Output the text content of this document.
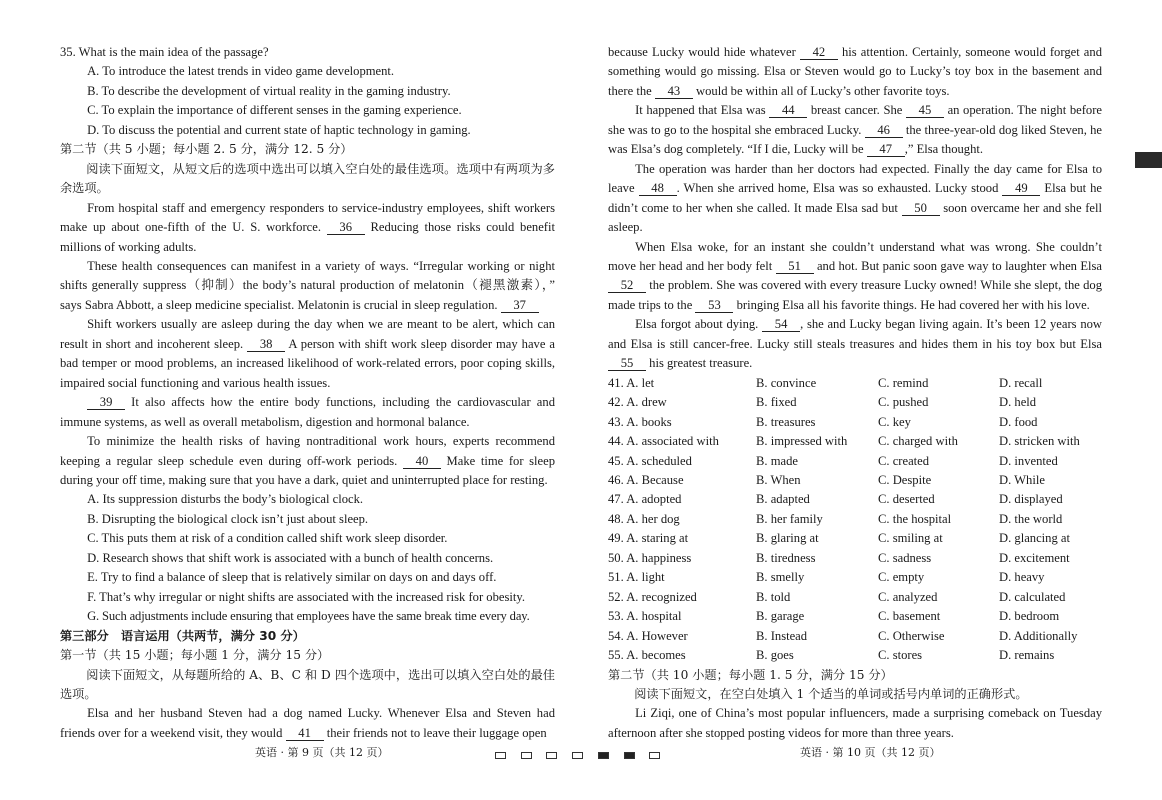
35. What is the main idea of the passage?

A. To introduce the latest trends in video game development.

B. To describe the development of virtual reality in the gaming industry.

C. To explain the importance of different senses in the gaming experience.

D. To discuss the potential and current state of haptic technology in gaming.

第二节（共 5 小题；每小题 2. 5 分，满分 12. 5 分）

阅读下面短文，从短文后的选项中选出可以填入空白处的最佳选项。选项中有两项为多余选项。

From hospital staff and emergency responders to service-industry employees, shift workers make up about one-fifth of the U. S. workforce. 36 Reducing those risks could benefit millions of working adults.

These health consequences can manifest in a variety of ways. “Irregular working or night shifts generally suppress（抑制）the body’s natural production of melatonin（褪黑激素），” says Sabra Abbott, a sleep medicine specialist. Melatonin is crucial in sleep regulation. 37

Shift workers usually are asleep during the day when we are meant to be alert, which can result in short and incoherent sleep. 38 A person with shift work sleep disorder may have a bad temper or mood problems, an increased likelihood of work-related errors, poor coping skills, impaired social functioning and various health issues.

39 It also affects how the entire body functions, including the cardiovascular and immune systems, as well as overall metabolism, digestion and hormonal balance.

To minimize the health risks of having nontraditional work hours, experts recommend keeping a regular sleep schedule even during off-work periods. 40 Make time for sleep during your off time, making sure that you have a dark, quiet and uninterrupted place for resting.

A. Its suppression disturbs the body’s biological clock.

B. Disrupting the biological clock isn’t just about sleep.

C. This puts them at risk of a condition called shift work sleep disorder.

D. Research shows that shift work is associated with a bunch of health concerns.

E. Try to find a balance of sleep that is relatively similar on days on and days off.

F. That’s why irregular or night shifts are associated with the increased risk for obesity.

G. Such adjustments include ensuring that employees have the same break time every day.

第三部分　语言运用（共两节，满分 30 分）

第一节（共 15 小题；每小题 1 分，满分 15 分）

阅读下面短文，从每题所给的 A、B、C 和 D 四个选项中，选出可以填入空白处的最佳选项。

Elsa and her husband Steven had a dog named Lucky. Whenever Elsa and Steven had friends over for a weekend visit, they would 41 their friends not to leave their luggage open

because Lucky would hide whatever 42 his attention. Certainly, someone would forget and something would go missing. Elsa or Steven would go to Lucky’s toy box in the basement and there the 43 would be within all of Lucky’s other favorite toys.

It happened that Elsa was 44 breast cancer. She 45 an operation. The night before she was to go to the hospital she embraced Lucky. 46 the three-year-old dog liked Steven, he was Elsa’s dog completely. “If I die, Lucky will be 47 ,” Elsa thought.

The operation was harder than her doctors had expected. Finally the day came for Elsa to leave 48 . When she arrived home, Elsa was so exhausted. Lucky stood 49 Elsa but he didn’t come to her when she called. It made Elsa sad but 50 soon overcame her and she fell asleep.

When Elsa woke, for an instant she couldn’t understand what was wrong. She couldn’t move her head and her body felt 51 and hot. But panic soon gave way to laughter when Elsa 52 the problem. She was covered with every treasure Lucky owned! While she slept, the dog made trips to the 53 bringing Elsa all his favorite things. He had covered her with his love.

Elsa forgot about dying. 54 , she and Lucky began living again. It’s been 12 years now and Elsa is still cancer-free. Lucky still steals treasures and hides them in his toy box but Elsa 55 his greatest treasure.

41. A. let	B. convince	C. remind	D. recall
42. A. drew	B. fixed	C. pushed	D. held
43. A. books	B. treasures	C. key	D. food
44. A. associated with	B. impressed with	C. charged with	D. stricken with
45. A. scheduled	B. made	C. created	D. invented
46. A. Because	B. When	C. Despite	D. While
47. A. adopted	B. adapted	C. deserted	D. displayed
48. A. her dog	B. her family	C. the hospital	D. the world
49. A. staring at	B. glaring at	C. smiling at	D. glancing at
50. A. happiness	B. tiredness	C. sadness	D. excitement
51. A. light	B. smelly	C. empty	D. heavy
52. A. recognized	B. told	C. analyzed	D. calculated
53. A. hospital	B. garage	C. basement	D. bedroom
54. A. However	B. Instead	C. Otherwise	D. Additionally
55. A. becomes	B. goes	C. stores	D. remains

第二节（共 10 小题；每小题 1. 5 分，满分 15 分）

阅读下面短文，在空白处填入 1 个适当的单词或括号内单词的正确形式。

Li Ziqi, one of China’s most popular influencers, made a surprising comeback on Tuesday afternoon after she stopped posting videos for more than three years.

英语 · 第 9 页（共 12 页）	英语 · 第 10 页（共 12 页）
